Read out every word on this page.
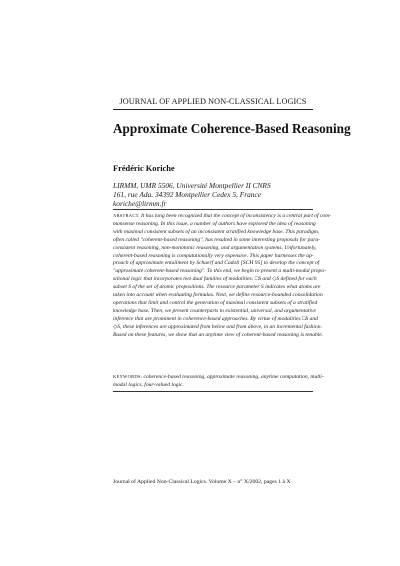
JOURNAL OF APPLIED NON-CLASSICAL LOGICS
Approximate Coherence-Based Reasoning
Frédéric Koriche
LIRMM, UMR 5506, Université Montpellier II CNRS
161, rue Ada. 34392 Montpellier Cedex 5, France
koriche@lirmm.fr
ABSTRACT. It has long been recognized that the concept of inconsistency is a central part of com-
monsense reasoning. In this issue, a number of authors have explored the idea of reasoning
with maximal consistent subsets of an inconsistent stratified knowledge base. This paradigm,
often called "coherent-based reasoning", has resulted in some interesting proposals for para-
consistent reasoning, non-monotonic reasoning, and argumentation systems. Unfortunately,
coherent-based reasoning is computationally very expensive. This paper harnesses the ap-
proach of approximate entailment by Schaerf and Cadoli [SCH 95] to develop the concept of
"approximate coherent-based reasoning". To this end, we begin to present a multi-modal propo-
sitional logic that incorporates two dual families of modalities: □S and ◇S defined for each
subset S of the set of atomic propositions. The resource parameter S indicates what atoms are
taken into account when evaluating formulas. Next, we define resource-bounded consolidation
operations that limit and control the generation of maximal consistent subsets of a stratified
knowledge base. Then, we present counterparts to existential, universal, and argumentative
inference that are prominent in coherence-based approaches. By virtue of modalities □S and
◇S, these inferences are approximated from below and from above, in an incremental fashion.
Based on these features, we show that an anytime view of coherent-based reasoning is tenable.
KEYWORDS: coherence-based reasoning, approximate reasoning, anytime computation, multi-
modal logics, four-valued logic.
Journal of Applied Non-Classical Logics. Volume X – n° X/2002, pages 1 à X
